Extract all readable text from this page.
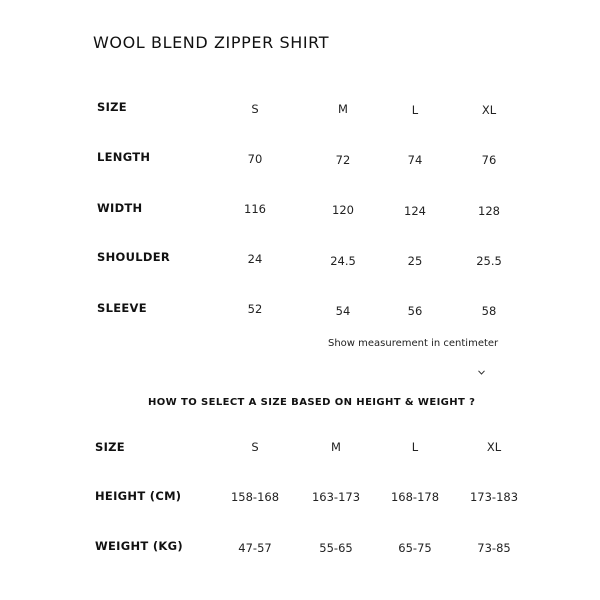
WOOL BLEND ZIPPER SHIRT
SIZE	S	M	L	XL
LENGTH	70	72	74	76
WIDTH	116	120	124	128
SHOULDER	24	24.5	25	25.5
SLEEVE	52	54	56	58
Show measurement in centimeter
HOW TO SELECT A SIZE BASED ON HEIGHT & WEIGHT ?
SIZE	S	M	L	XL
HEIGHT (CM)	158-168	163-173	168-178	173-183
WEIGHT (KG)	47-57	55-65	65-75	73-85
